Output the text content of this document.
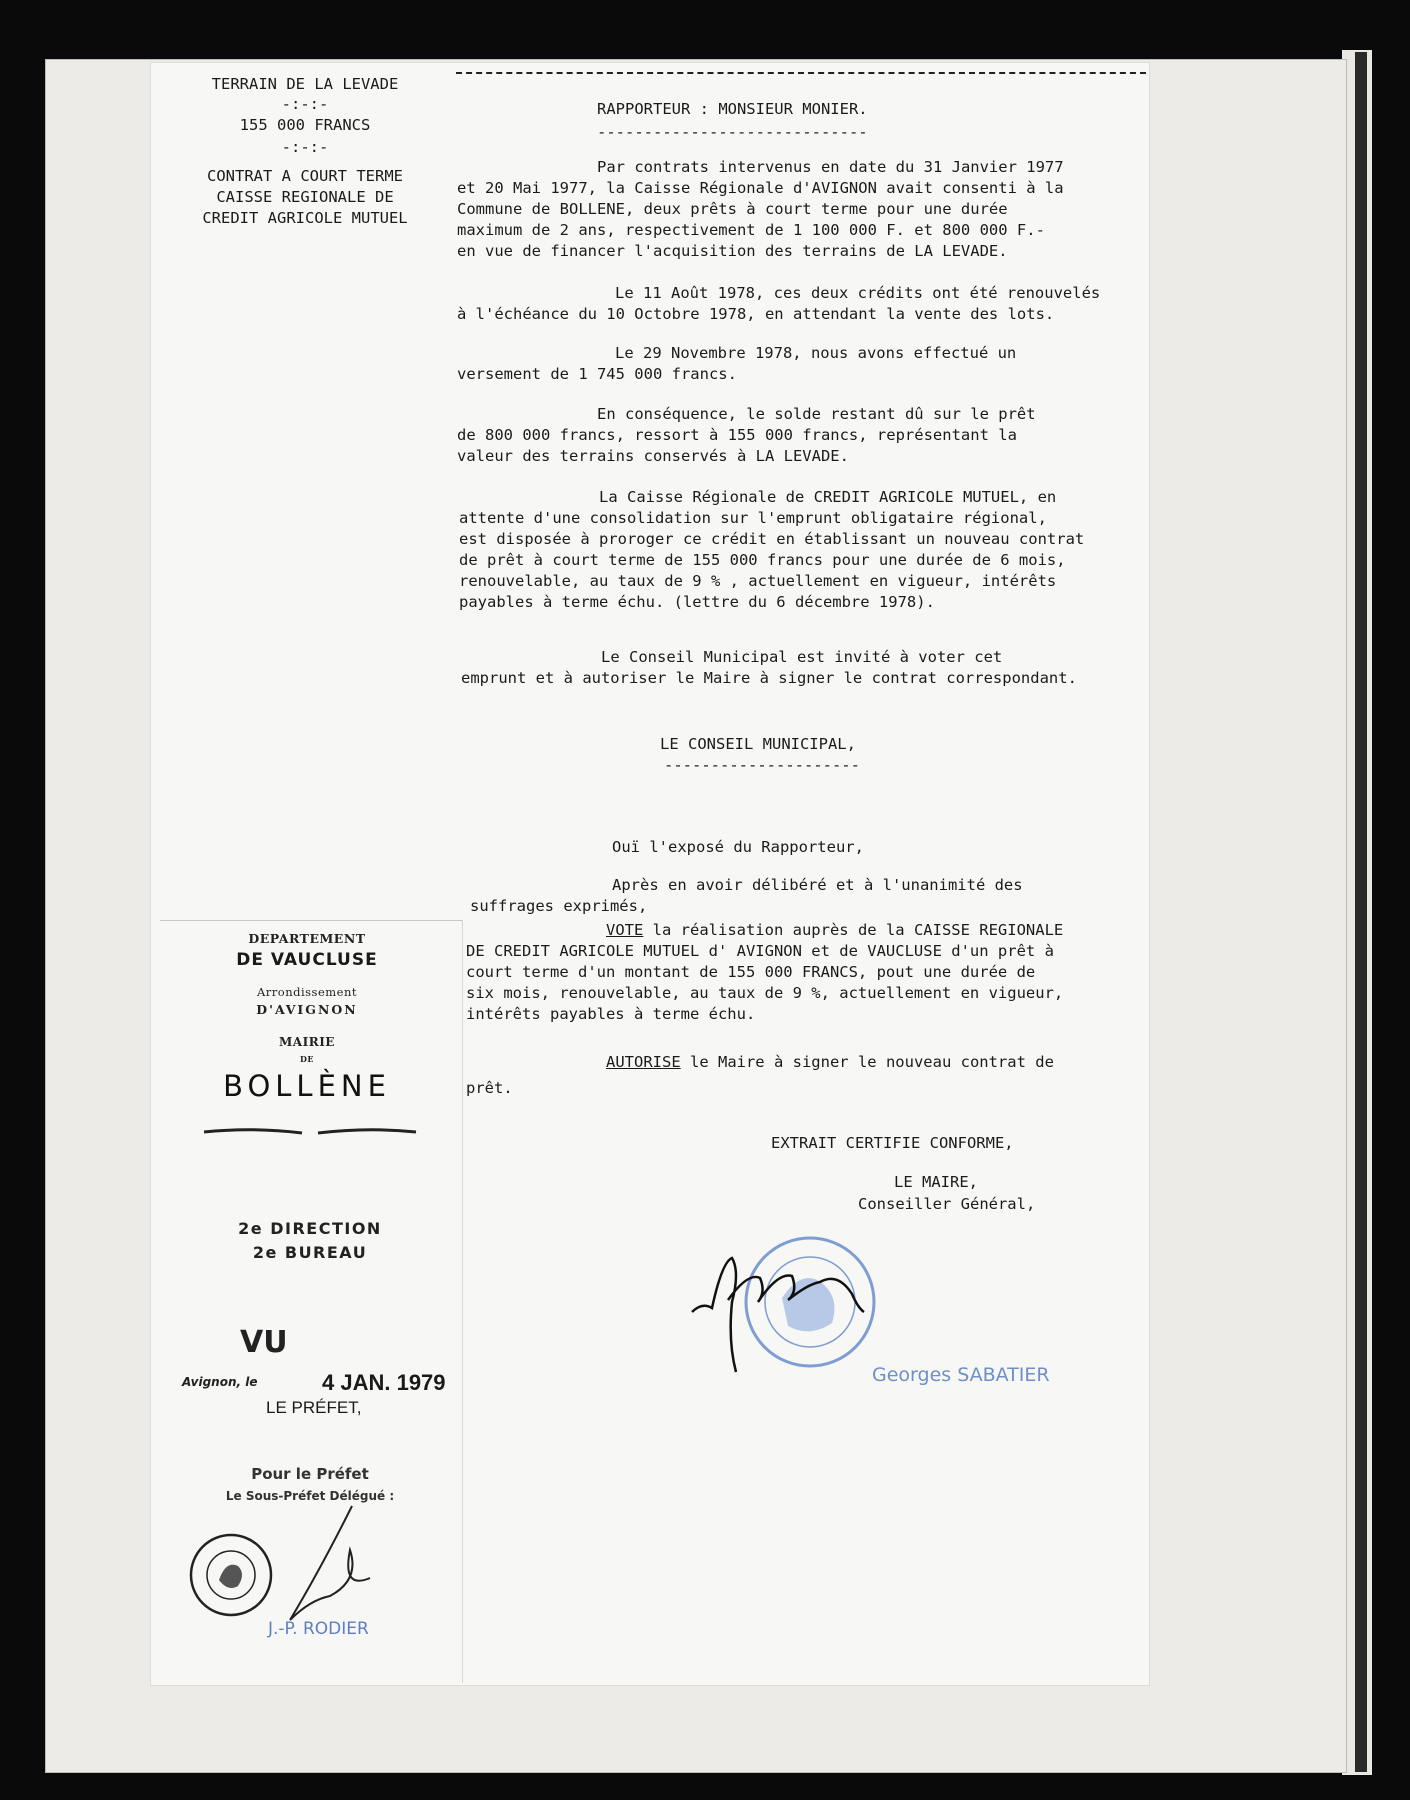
TERRAIN DE LA LEVADE
-:-:-
155 000 FRANCS
-:-:-
CONTRAT A COURT TERME
CAISSE REGIONALE DE
CREDIT AGRICOLE MUTUEL
RAPPORTEUR : MONSIEUR MONIER.
-----------------------------
Par contrats intervenus en date du 31 Janvier 1977
et 20 Mai 1977, la Caisse Régionale d'AVIGNON avait consenti à la
Commune de BOLLENE, deux prêts à court terme pour une durée
maximum de 2 ans, respectivement de 1 100 000 F. et 800 000 F.-
en vue de financer l'acquisition des terrains de LA LEVADE.
Le 11 Août 1978, ces deux crédits ont été renouvelés
à l'échéance du 10 Octobre 1978, en attendant la vente des lots.
Le 29 Novembre 1978, nous avons effectué un
versement de 1 745 000 francs.
En conséquence, le solde restant dû sur le prêt
de 800 000 francs, ressort à 155 000 francs, représentant la
valeur des terrains conservés à LA LEVADE.
La Caisse Régionale de CREDIT AGRICOLE MUTUEL, en
attente d'une consolidation sur l'emprunt obligataire régional,
est disposée à proroger ce crédit en établissant un nouveau contrat
de prêt à court terme de 155 000 francs pour une durée de 6 mois,
renouvelable, au taux de 9 % , actuellement en vigueur, intérêts
payables à terme échu. (lettre du 6 décembre 1978).
Le Conseil Municipal est invité à voter cet
emprunt et à autoriser le Maire à signer le contrat correspondant.
LE CONSEIL MUNICIPAL,
---------------------
Ouï l'exposé du Rapporteur,
Après en avoir délibéré et à l'unanimité des
suffrages exprimés,
DEPARTEMENT
DE VAUCLUSE
Arrondissement
D'AVIGNON
MAIRIE
DE
BOLLÈNE
VOTE la réalisation auprès de la CAISSE REGIONALE
DE CREDIT AGRICOLE MUTUEL d' AVIGNON et de VAUCLUSE d'un prêt à
court terme d'un montant de 155 000 FRANCS, pout une durée de
six mois, renouvelable, au taux de 9 %, actuellement en vigueur,
intérêts payables à terme échu.
AUTORISE le Maire à signer le nouveau contrat de
prêt.
EXTRAIT CERTIFIE CONFORME,
LE MAIRE,
Conseiller Général,
Georges SABATIER
2e DIRECTION
2e BUREAU
VU
Avignon, le	4 JAN. 1979
LE PRÉFET,
Pour le Préfet
Le Sous-Préfet Délégué :
J.-P. RODIER
